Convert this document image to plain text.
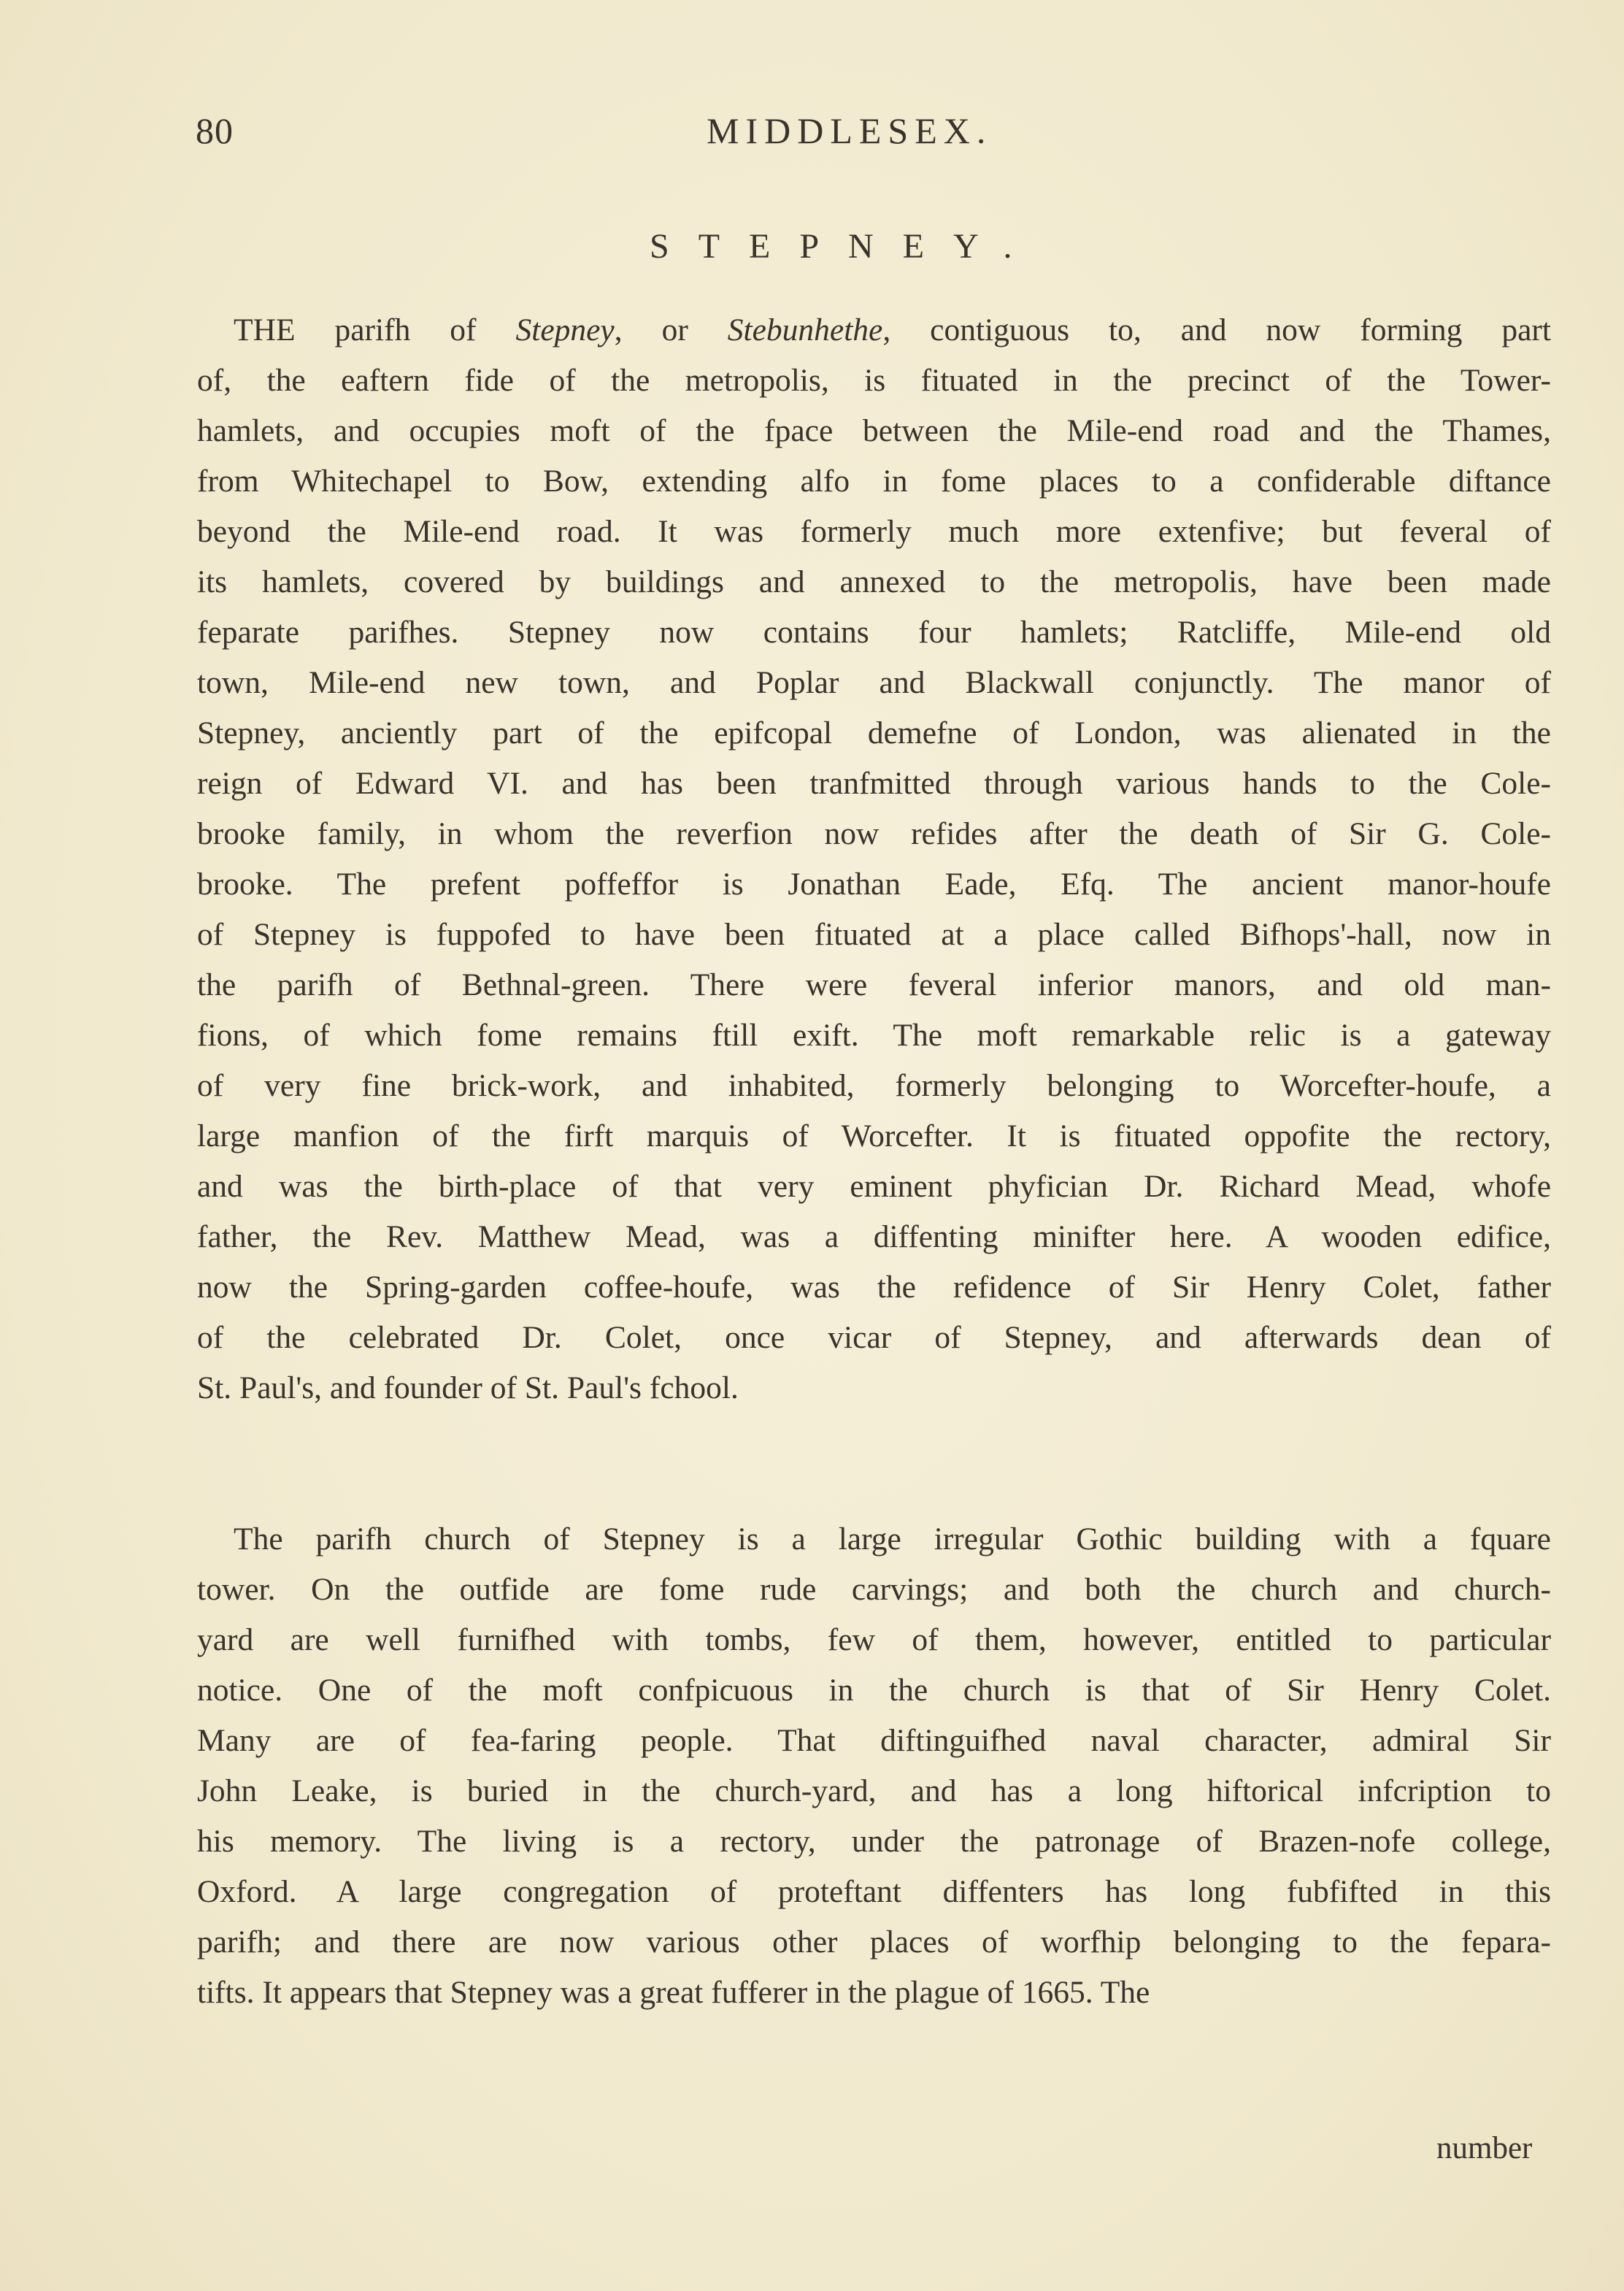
80	MIDDLESEX.
STEPNEY.
THE parifh of Stepney, or Stebunhethe, contiguous to, and now forming part
of, the eaftern fide of the metropolis, is fituated in the precinct of the Tower-
hamlets, and occupies moft of the fpace between the Mile-end road and the Thames,
from Whitechapel to Bow, extending alfo in fome places to a confiderable diftance
beyond the Mile-end road. It was formerly much more extenfive; but feveral of
its hamlets, covered by buildings and annexed to the metropolis, have been made
feparate parifhes. Stepney now contains four hamlets; Ratcliffe, Mile-end old
town, Mile-end new town, and Poplar and Blackwall conjunctly. The manor of
Stepney, anciently part of the epifcopal demefne of London, was alienated in the
reign of Edward VI. and has been tranfmitted through various hands to the Cole-
brooke family, in whom the reverfion now refides after the death of Sir G. Cole-
brooke. The prefent poffeffor is Jonathan Eade, Efq. The ancient manor-houfe
of Stepney is fuppofed to have been fituated at a place called Bifhops'-hall, now in
the parifh of Bethnal-green. There were feveral inferior manors, and old man-
fions, of which fome remains ftill exift. The moft remarkable relic is a gateway
of very fine brick-work, and inhabited, formerly belonging to Worcefter-houfe, a
large manfion of the firft marquis of Worcefter. It is fituated oppofite the rectory,
and was the birth-place of that very eminent phyfician Dr. Richard Mead, whofe
father, the Rev. Matthew Mead, was a diffenting minifter here. A wooden edifice,
now the Spring-garden coffee-houfe, was the refidence of Sir Henry Colet, father
of the celebrated Dr. Colet, once vicar of Stepney, and afterwards dean of
St. Paul's, and founder of St. Paul's fchool.
The parifh church of Stepney is a large irregular Gothic building with a fquare
tower. On the outfide are fome rude carvings; and both the church and church-
yard are well furnifhed with tombs, few of them, however, entitled to particular
notice. One of the moft confpicuous in the church is that of Sir Henry Colet.
Many are of fea-faring people. That diftinguifhed naval character, admiral Sir
John Leake, is buried in the church-yard, and has a long hiftorical infcription to
his memory. The living is a rectory, under the patronage of Brazen-nofe college,
Oxford. A large congregation of proteftant diffenters has long fubfifted in this
parifh; and there are now various other places of worfhip belonging to the fepara-
tifts. It appears that Stepney was a great fufferer in the plague of 1665. The
number
